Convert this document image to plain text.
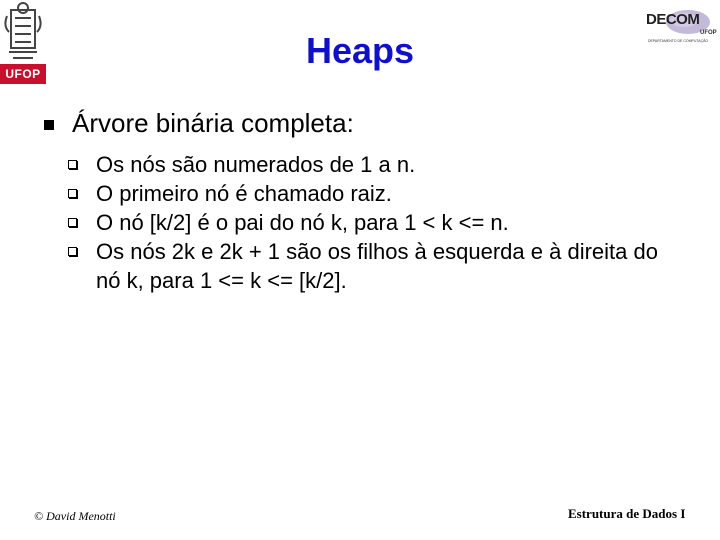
UFOP
DECOM
UFOP
DEPARTAMENTO DE COMPUTAÇÃO
Heaps
Árvore binária completa:
Os nós são numerados de 1 a n.
O primeiro nó é chamado raiz.
O nó [k/2] é o pai do nó k, para 1 < k <= n.
Os nós 2k e 2k + 1 são os filhos à esquerda e à direita do nó k, para 1 <= k <= [k/2].
© David Menotti	Estrutura de Dados I
